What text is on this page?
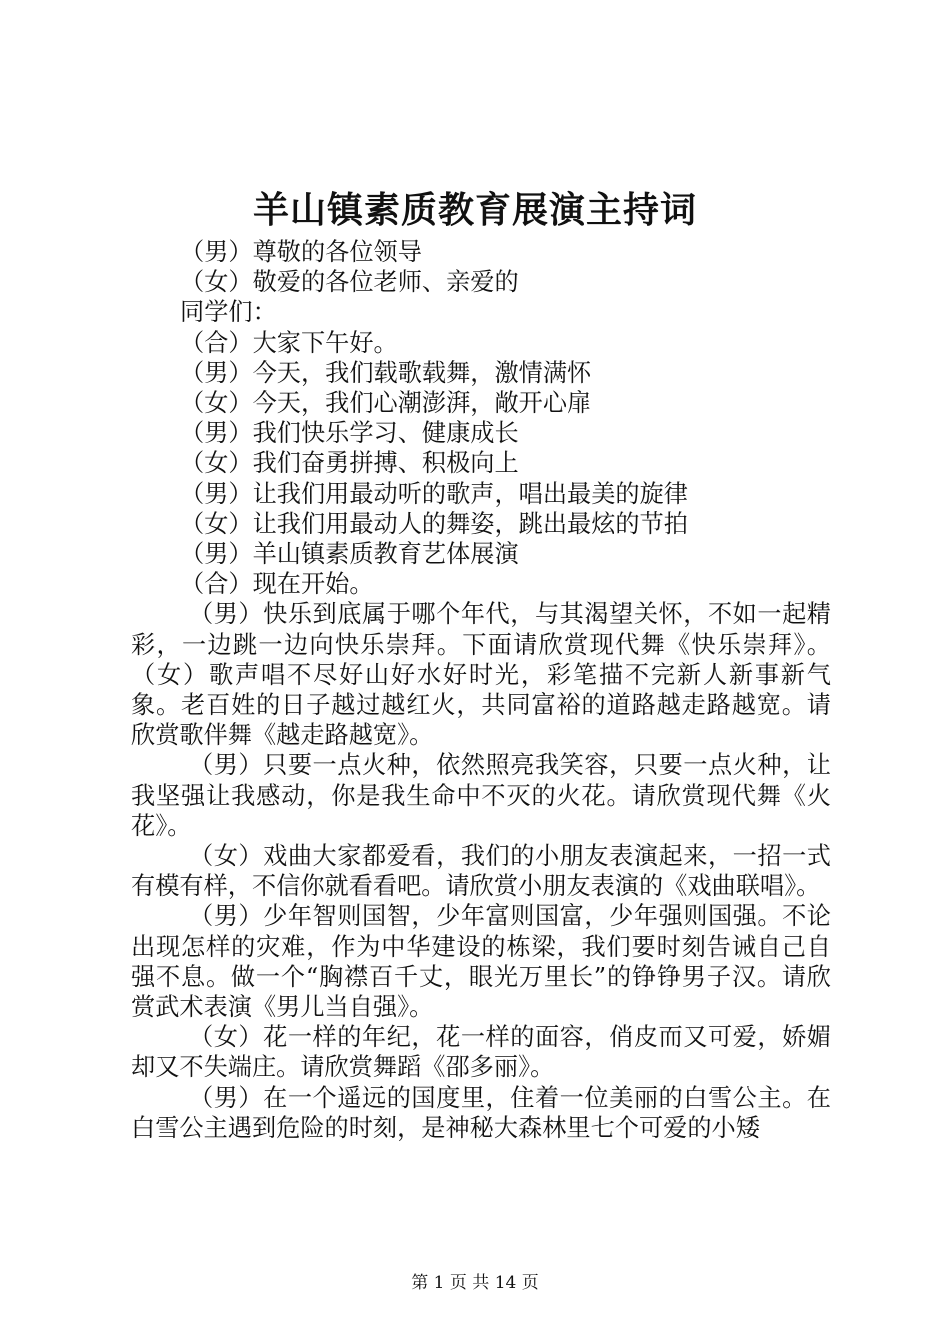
羊山镇素质教育展演主持词
（男）尊敬的各位领导
（女）敬爱的各位老师、亲爱的
同学们：
（合）大家下午好。
（男）今天，我们载歌载舞，激情满怀
（女）今天，我们心潮澎湃，敞开心扉
（男）我们快乐学习、健康成长
（女）我们奋勇拼搏、积极向上
（男）让我们用最动听的歌声，唱出最美的旋律
（女）让我们用最动人的舞姿，跳出最炫的节拍
（男）羊山镇素质教育艺体展演
（合）现在开始。

（男）快乐到底属于哪个年代，与其渴望关怀，不如一起精彩，一边跳一边向快乐崇拜。下面请欣赏现代舞《快乐崇拜》。（女）歌声唱不尽好山好水好时光，彩笔描不完新人新事新气象。老百姓的日子越过越红火，共同富裕的道路越走路越宽。请欣赏歌伴舞《越走路越宽》。

（男）只要一点火种，依然照亮我笑容，只要一点火种，让我坚强让我感动，你是我生命中不灭的火花。请欣赏现代舞《火花》。

（女）戏曲大家都爱看，我们的小朋友表演起来，一招一式有模有样，不信你就看看吧。请欣赏小朋友表演的《戏曲联唱》。

（男）少年智则国智，少年富则国富，少年强则国强。不论出现怎样的灾难，作为中华建设的栋梁，我们要时刻告诫自己自强不息。做一个“胸襟百千丈，眼光万里长”的铮铮男子汉。请欣赏武术表演《男儿当自强》。

（女）花一样的年纪，花一样的面容，俏皮而又可爱，娇媚却又不失端庄。请欣赏舞蹈《邵多丽》。

（男）在一个遥远的国度里，住着一位美丽的白雪公主。在白雪公主遇到危险的时刻，是神秘大森林里七个可爱的小矮

第 1 页 共 14 页
